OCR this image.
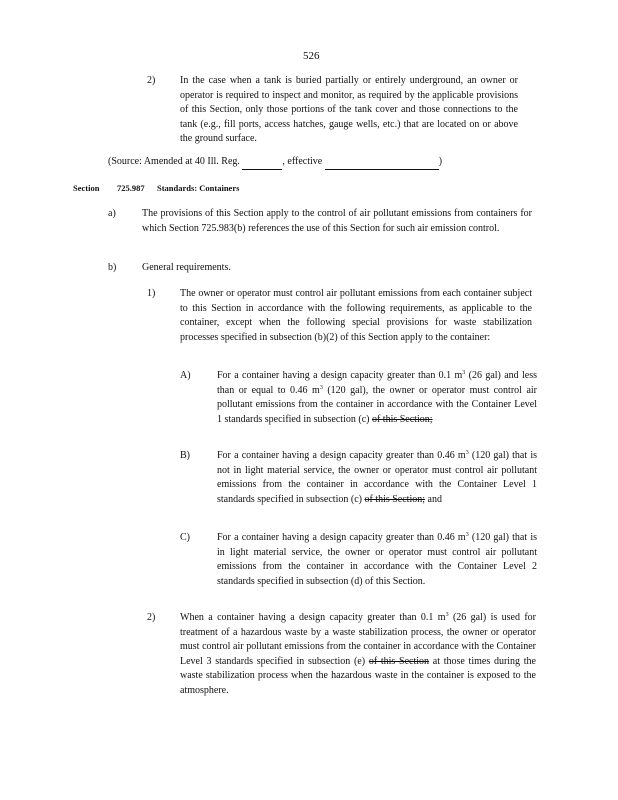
526
2) In the case when a tank is buried partially or entirely underground, an owner or operator is required to inspect and monitor, as required by the applicable provisions of this Section, only those portions of the tank cover and those connections to the tank (e.g., fill ports, access hatches, gauge wells, etc.) that are located on or above the ground surface.
(Source: Amended at 40 Ill. Reg.	, effective	)
Section 725.987 Standards: Containers
a)	The provisions of this Section apply to the control of air pollutant emissions from containers for which Section 725.983(b) references the use of this Section for such air emission control.
b)	General requirements.
1) The owner or operator must control air pollutant emissions from each container subject to this Section in accordance with the following requirements, as applicable to the container, except when the following special provisions for waste stabilization processes specified in subsection (b)(2) of this Section apply to the container:
A)	For a container having a design capacity greater than 0.1 $m^3$ (26 gal) and less than or equal to 0.46 $m^3$ (120 gal), the owner or operator must control air pollutant emissions from the container in accordance with the Container Level 1 standards specified in subsection (c) of this Section;
B)	For a container having a design capacity greater than 0.46 $m^3$ (120 gal) that is not in light material service, the owner or operator must control air pollutant emissions from the container in accordance with the Container Level 1 standards specified in subsection (c) of this Section; and
C)	For a container having a design capacity greater than 0.46 $m^3$ (120 gal) that is in light material service, the owner or operator must control air pollutant emissions from the container in accordance with the Container Level 2 standards specified in subsection (d) of this Section.
2) When a container having a design capacity greater than 0.1 $m^3$ (26 gal) is used for treatment of a hazardous waste by a waste stabilization process, the owner or operator must control air pollutant emissions from the container in accordance with the Container Level 3 standards specified in subsection (e) of this Section at those times during the waste stabilization process when the hazardous waste in the container is exposed to the atmosphere.
